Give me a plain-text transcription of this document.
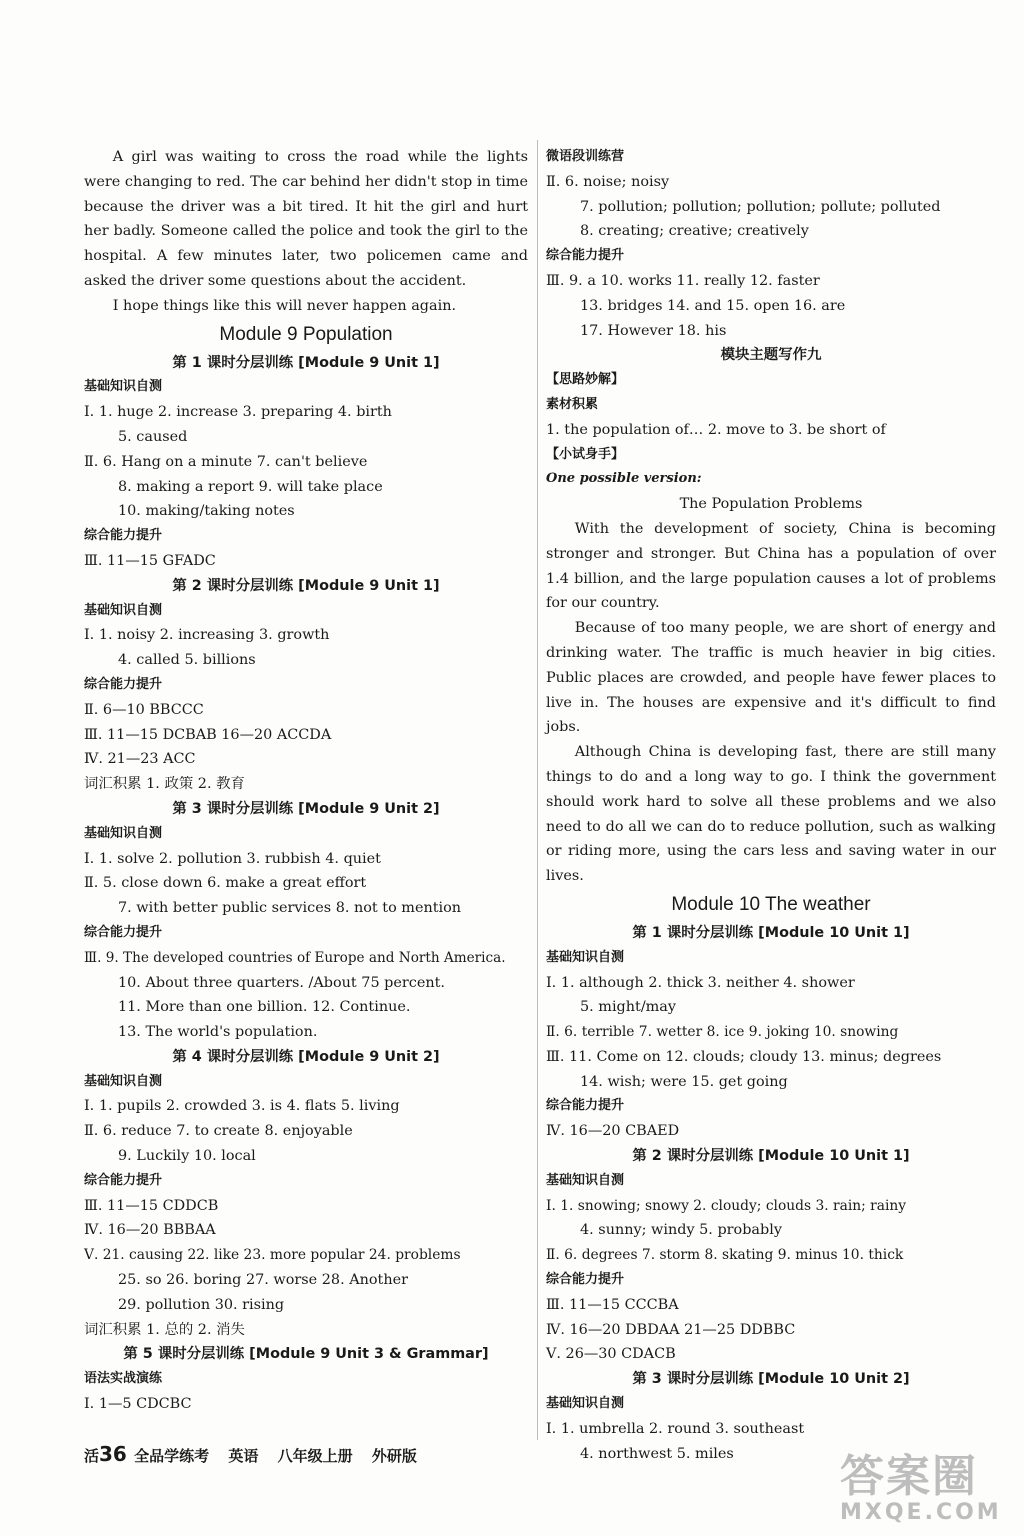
A girl was waiting to cross the road while the lights were changing to red. The car behind her didn't stop in time because the driver was a bit tired. It hit the girl and hurt her badly. Someone called the police and took the girl to the hospital. A few minutes later, two policemen came and asked the driver some questions about the accident.

I hope things like this will never happen again.

Module 9 Population

第 1 课时分层训练 [Module 9 Unit 1]

基础知识自测

Ⅰ. 1. huge 2. increase 3. preparing 4. birth

5. caused

Ⅱ. 6. Hang on a minute 7. can't believe

8. making a report 9. will take place

10. making/taking notes

综合能力提升

Ⅲ. 11—15 GFADC

第 2 课时分层训练 [Module 9 Unit 1]

基础知识自测

Ⅰ. 1. noisy 2. increasing 3. growth

4. called 5. billions

综合能力提升

Ⅱ. 6—10 BBCCC

Ⅲ. 11—15 DCBAB 16—20 ACCDA

Ⅳ. 21—23 ACC

词汇积累 1. 政策 2. 教育

第 3 课时分层训练 [Module 9 Unit 2]

基础知识自测

Ⅰ. 1. solve 2. pollution 3. rubbish 4. quiet

Ⅱ. 5. close down 6. make a great effort

7. with better public services 8. not to mention

综合能力提升

Ⅲ. 9. The developed countries of Europe and North America.

10. About three quarters. /About 75 percent.

11. More than one billion. 12. Continue.

13. The world's population.

第 4 课时分层训练 [Module 9 Unit 2]

基础知识自测

Ⅰ. 1. pupils 2. crowded 3. is 4. flats 5. living

Ⅱ. 6. reduce 7. to create 8. enjoyable

9. Luckily 10. local

综合能力提升

Ⅲ. 11—15 CDDCB

Ⅳ. 16—20 BBBAA

Ⅴ. 21. causing 22. like 23. more popular 24. problems

25. so 26. boring 27. worse 28. Another

29. pollution 30. rising

词汇积累 1. 总的 2. 消失

第 5 课时分层训练 [Module 9 Unit 3 & Grammar]

语法实战演练

Ⅰ. 1—5 CDCBC

微语段训练营

Ⅱ. 6. noise; noisy

7. pollution; pollution; pollution; pollute; polluted

8. creating; creative; creatively

综合能力提升

Ⅲ. 9. a 10. works 11. really 12. faster

13. bridges 14. and 15. open 16. are

17. However 18. his

模块主题写作九

【思路妙解】

素材积累

1. the population of… 2. move to 3. be short of

【小试身手】

One possible version:

The Population Problems

With the development of society, China is becoming stronger and stronger. But China has a population of over 1.4 billion, and the large population causes a lot of problems for our country.

Because of too many people, we are short of energy and drinking water. The traffic is much heavier in big cities. Public places are crowded, and people have fewer places to live in. The houses are expensive and it's difficult to find jobs.

Although China is developing fast, there are still many things to do and a long way to go. I think the government should work hard to solve all these problems and we also need to do all we can do to reduce pollution, such as walking or riding more, using the cars less and saving water in our lives.

Module 10 The weather

第 1 课时分层训练 [Module 10 Unit 1]

基础知识自测

Ⅰ. 1. although 2. thick 3. neither 4. shower

5. might/may

Ⅱ. 6. terrible 7. wetter 8. ice 9. joking 10. snowing

Ⅲ. 11. Come on 12. clouds; cloudy 13. minus; degrees

14. wish; were 15. get going

综合能力提升

Ⅳ. 16—20 CBAED

第 2 课时分层训练 [Module 10 Unit 1]

基础知识自测

Ⅰ. 1. snowing; snowy 2. cloudy; clouds 3. rain; rainy

4. sunny; windy 5. probably

Ⅱ. 6. degrees 7. storm 8. skating 9. minus 10. thick

综合能力提升

Ⅲ. 11—15 CCCBA

Ⅳ. 16—20 DBDAA 21—25 DDBBC

Ⅴ. 26—30 CDACB

第 3 课时分层训练 [Module 10 Unit 2]

基础知识自测

Ⅰ. 1. umbrella 2. round 3. southeast

4. northwest 5. miles

活36 全品学练考 英语 八年级上册 外研版	答案圈
MXQE.COM
